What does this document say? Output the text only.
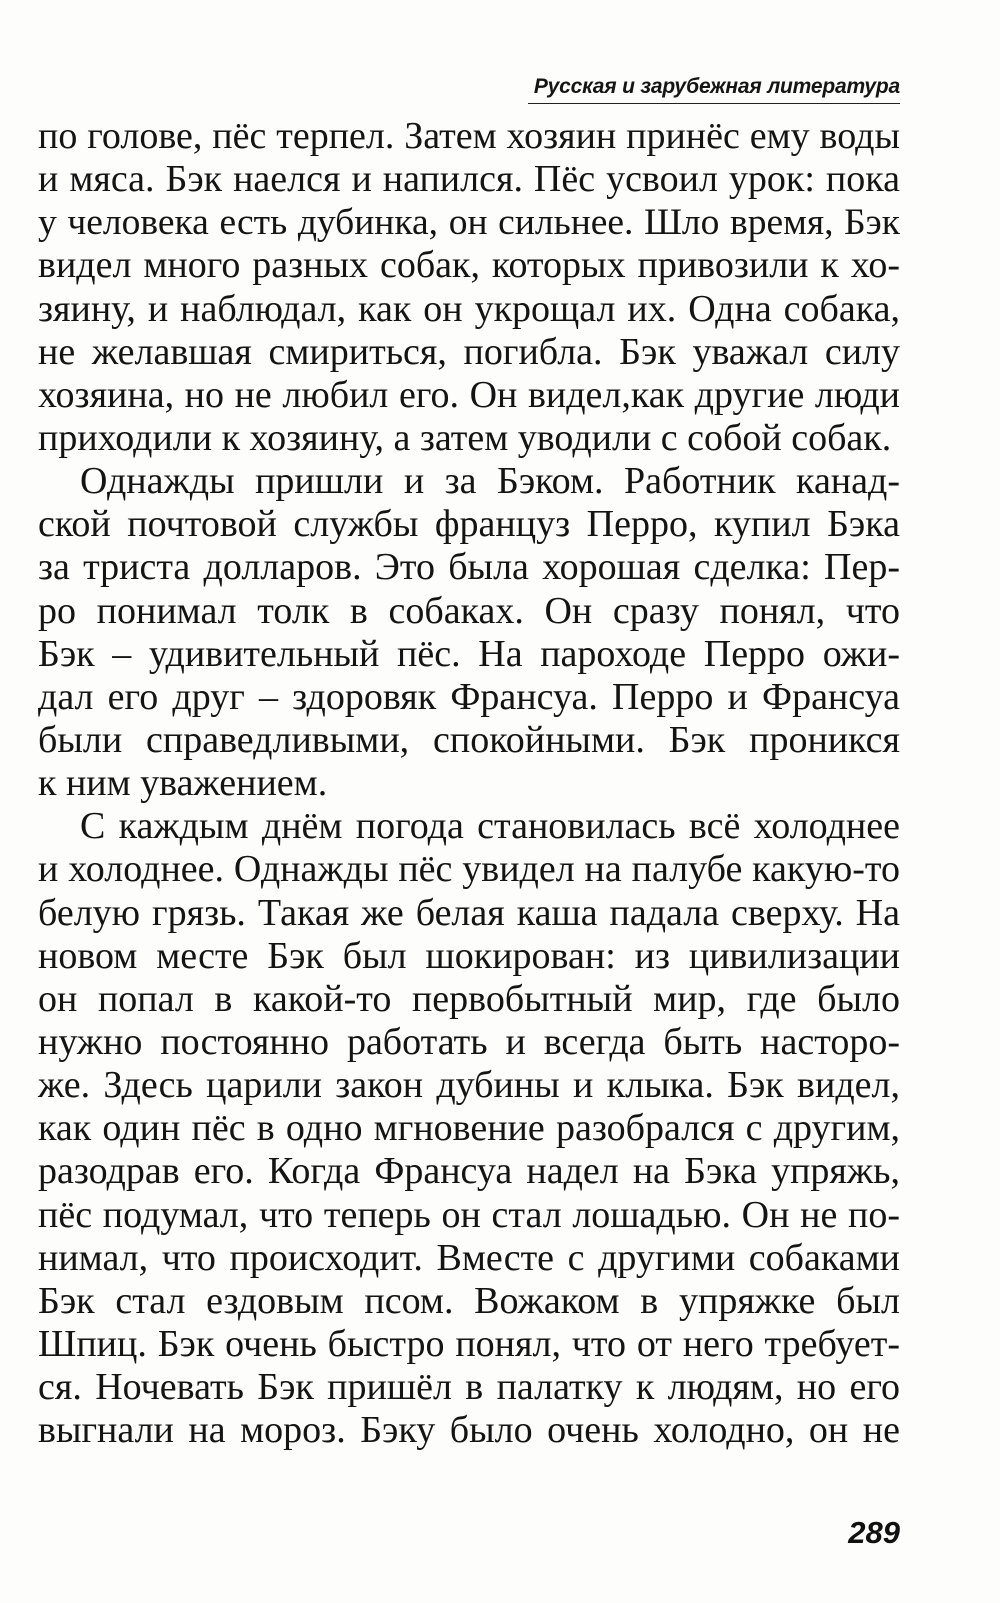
Русская и зарубежная литература
по голове, пёс терпел. Затем хозяин принёс ему воды
и мяса. Бэк наелся и напился. Пёс усвоил урок: пока
у человека есть дубинка, он сильнее. Шло время, Бэк
видел много разных собак, которых привозили к хо-
зяину, и наблюдал, как он укрощал их. Одна собака,
не желавшая смириться, погибла. Бэк уважал силу
хозяина, но не любил его. Он видел,как другие люди
приходили к хозяину, а затем уводили с собой собак.
Однажды пришли и за Бэком. Работник канад-
ской почтовой службы француз Перро, купил Бэка
за триста долларов. Это была хорошая сделка: Пер-
ро понимал толк в собаках. Он сразу понял, что
Бэк – удивительный пёс. На пароходе Перро ожи-
дал его друг – здоровяк Франсуа. Перро и Франсуа
были справедливыми, спокойными. Бэк проникся
к ним уважением.
С каждым днём погода становилась всё холоднее
и холоднее. Однажды пёс увидел на палубе какую-то
белую грязь. Такая же белая каша падала сверху. На
новом месте Бэк был шокирован: из цивилизации
он попал в какой-то первобытный мир, где было
нужно постоянно работать и всегда быть насторо-
же. Здесь царили закон дубины и клыка. Бэк видел,
как один пёс в одно мгновение разобрался с другим,
разодрав его. Когда Франсуа надел на Бэка упряжь,
пёс подумал, что теперь он стал лошадью. Он не по-
нимал, что происходит. Вместе с другими собаками
Бэк стал ездовым псом. Вожаком в упряжке был
Шпиц. Бэк очень быстро понял, что от него требует-
ся. Ночевать Бэк пришёл в палатку к людям, но его
выгнали на мороз. Бэку было очень холодно, он не
289
